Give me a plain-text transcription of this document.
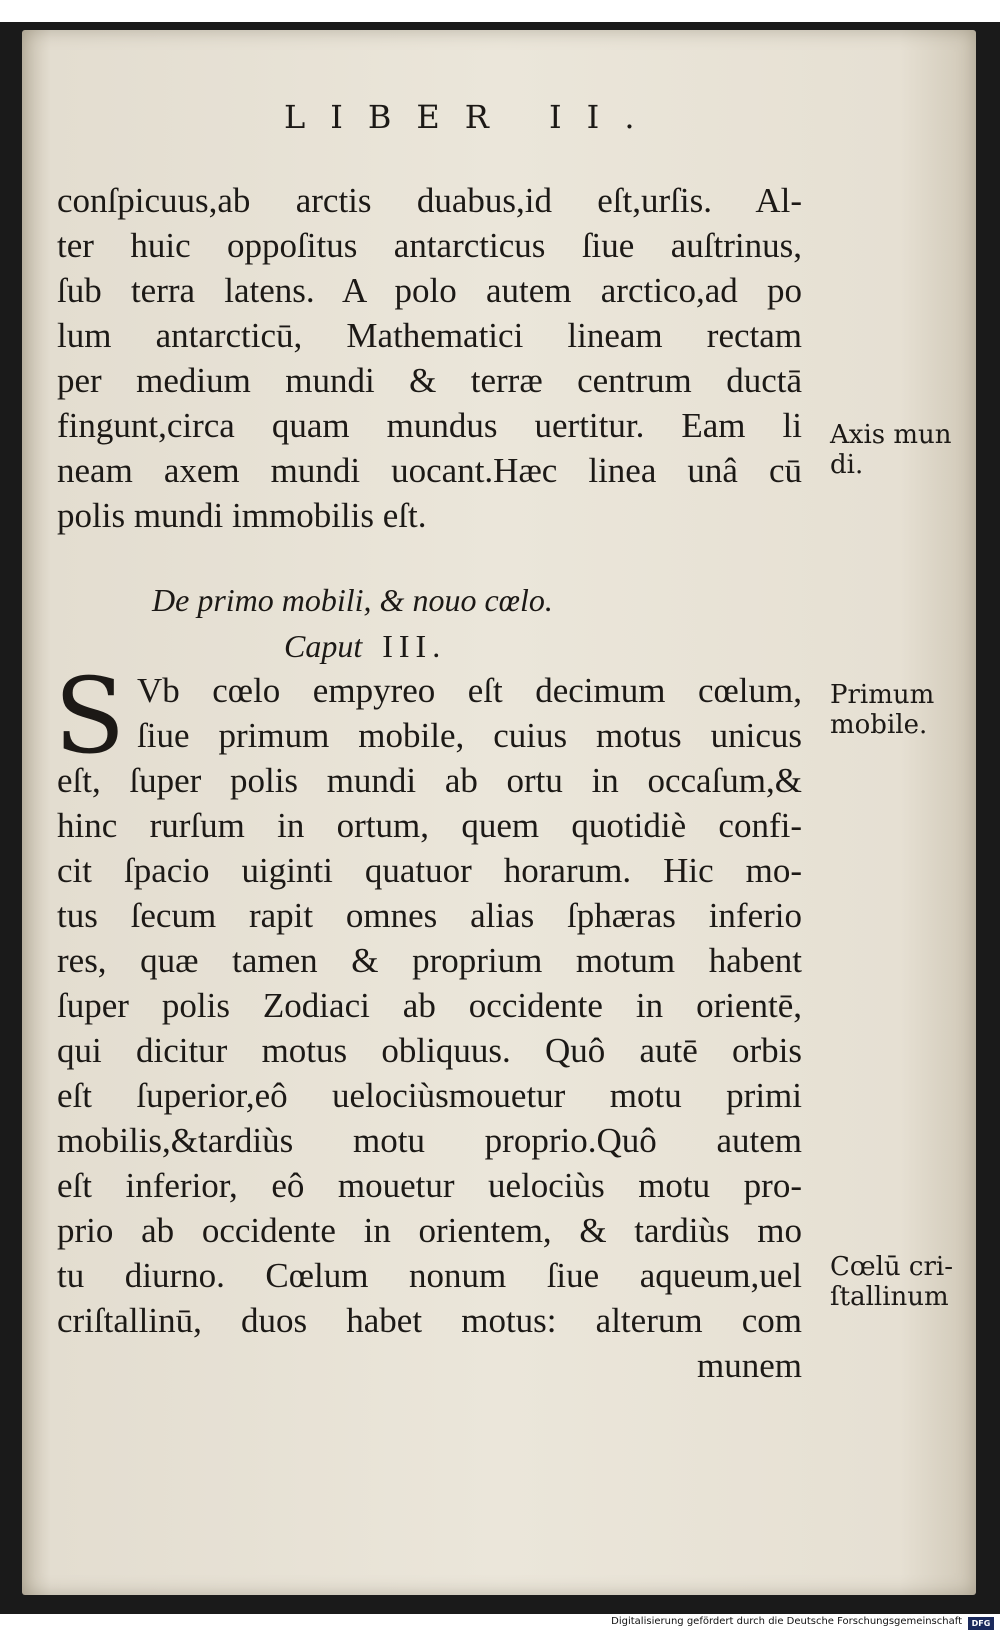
LIBER II.
conſpicuus,ab arctis duabus,id eſt,urſis. Al-
ter huic oppoſitus antarcticus ſiue auſtrinus,
ſub terra latens. A polo autem arctico,ad po
lum antarcticū, Mathematici lineam rectam
per medium mundi & terræ centrum ductā
fingunt,circa quam mundus uertitur. Eam li
neam axem mundi uocant.Hæc linea unâ cū
polis mundi immobilis eſt.
De primo mobili, & nouo cœlo.
Caput III.
S Vb cœlo empyreo eſt decimum cœlum,
ſiue primum mobile, cuius motus unicus
eſt, ſuper polis mundi ab ortu in occaſum,&
hinc rurſum in ortum, quem quotidiè confi-
cit ſpacio uiginti quatuor horarum. Hic mo-
tus ſecum rapit omnes alias ſphæras inferio
res, quæ tamen & proprium motum habent
ſuper polis Zodiaci ab occidente in orientē,
qui dicitur motus obliquus. Quô autē orbis
eſt ſuperior,eô uelociùsmouetur motu primi
mobilis,&tardiùs motu proprio.Quô autem
eſt inferior, eô mouetur uelociùs motu pro-
prio ab occidente in orientem, & tardiùs mo
tu diurno. Cœlum nonum ſiue aqueum,uel
criſtallinū, duos habet motus: alterum com
munem
Axis mun
di.
Primum
mobile.
Cœlū cri-
ſtallinum
Digitalisierung gefördert durch die Deutsche Forschungsgemeinschaft	DFG
